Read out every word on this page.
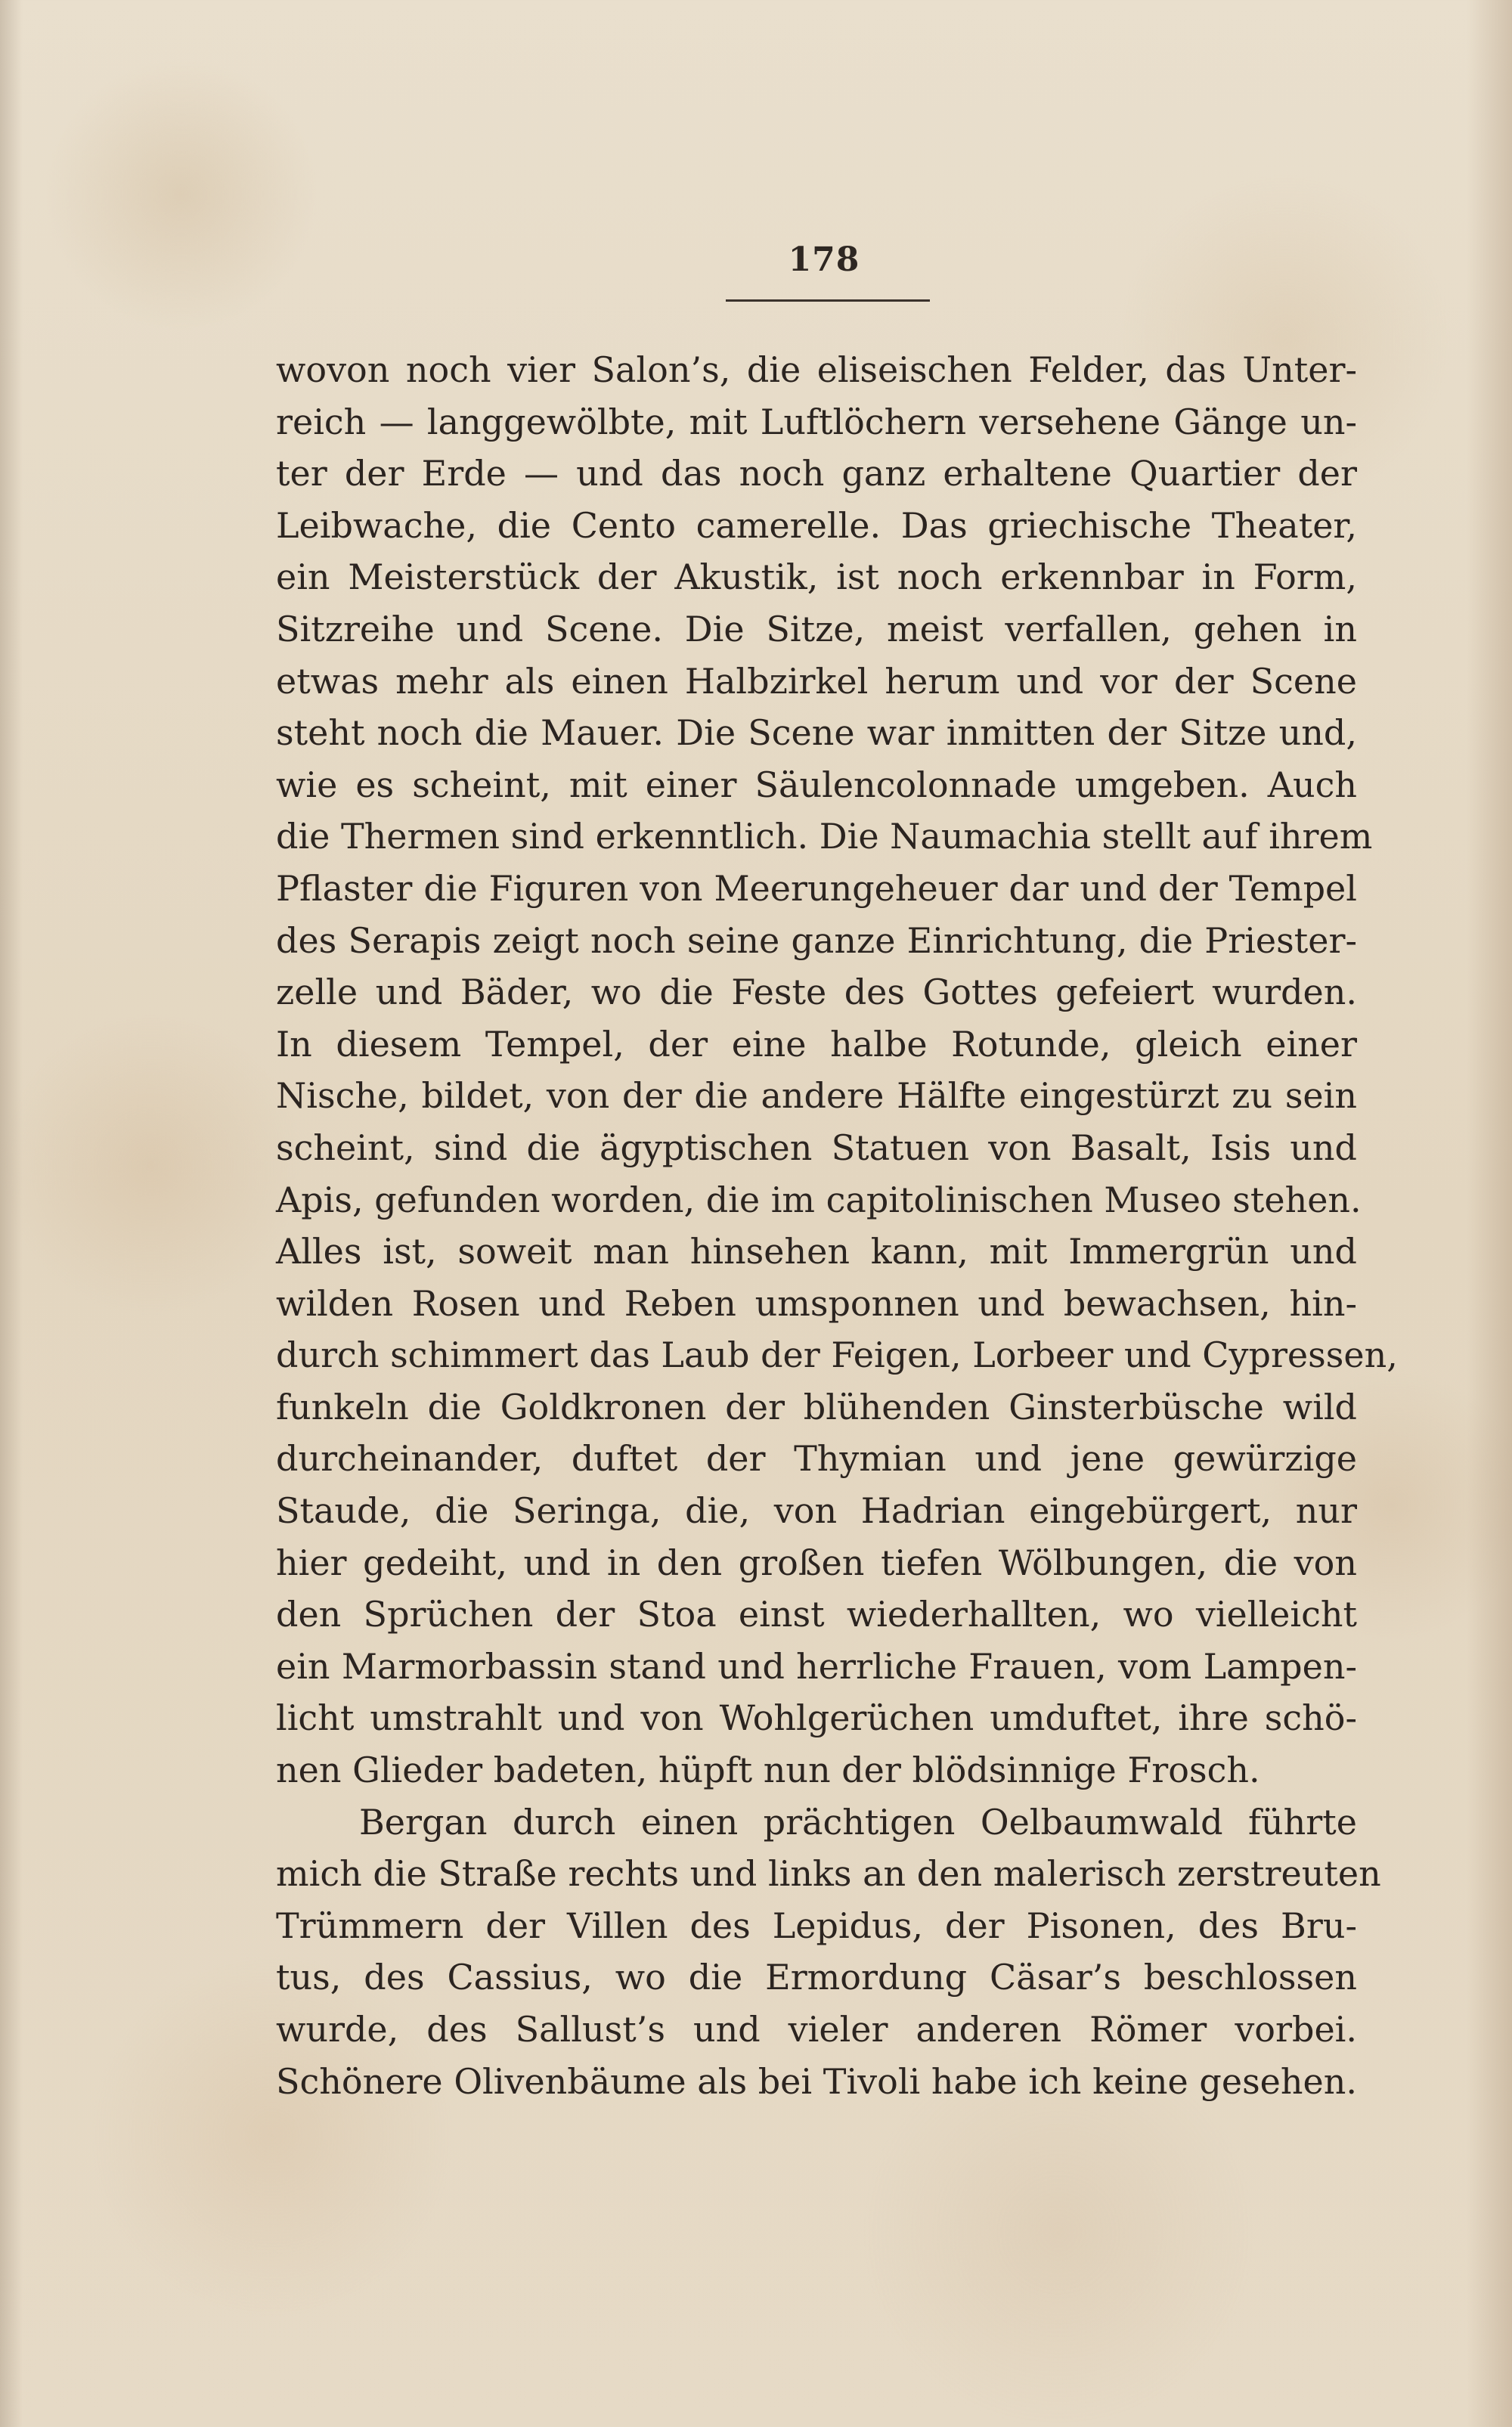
178
wovon noch vier Salon’s, die eliseischen Felder, das Unter-
reich — langgewölbte, mit Luftlöchern versehene Gänge un-
ter der Erde — und das noch ganz erhaltene Quartier der
Leibwache, die Cento camerelle. Das griechische Theater,
ein Meisterstück der Akustik, ist noch erkennbar in Form,
Sitzreihe und Scene. Die Sitze, meist verfallen, gehen in
etwas mehr als einen Halbzirkel herum und vor der Scene
steht noch die Mauer. Die Scene war inmitten der Sitze und,
wie es scheint, mit einer Säulencolonnade umgeben. Auch
die Thermen sind erkenntlich. Die Naumachia stellt auf ihrem
Pflaster die Figuren von Meerungeheuer dar und der Tempel
des Serapis zeigt noch seine ganze Einrichtung, die Priester-
zelle und Bäder, wo die Feste des Gottes gefeiert wurden.
In diesem Tempel, der eine halbe Rotunde, gleich einer
Nische, bildet, von der die andere Hälfte eingestürzt zu sein
scheint, sind die ägyptischen Statuen von Basalt, Isis und
Apis, gefunden worden, die im capitolinischen Museo stehen.
Alles ist, soweit man hinsehen kann, mit Immergrün und
wilden Rosen und Reben umsponnen und bewachsen, hin-
durch schimmert das Laub der Feigen, Lorbeer und Cypressen,
funkeln die Goldkronen der blühenden Ginsterbüsche wild
durcheinander, duftet der Thymian und jene gewürzige
Staude, die Seringa, die, von Hadrian eingebürgert, nur
hier gedeiht, und in den großen tiefen Wölbungen, die von
den Sprüchen der Stoa einst wiederhallten, wo vielleicht
ein Marmorbassin stand und herrliche Frauen, vom Lampen-
licht umstrahlt und von Wohlgerüchen umduftet, ihre schö-
nen Glieder badeten, hüpft nun der blödsinnige Frosch.
Bergan durch einen prächtigen Oelbaumwald führte
mich die Straße rechts und links an den malerisch zerstreuten
Trümmern der Villen des Lepidus, der Pisonen, des Bru-
tus, des Cassius, wo die Ermordung Cäsar’s beschlossen
wurde, des Sallust’s und vieler anderen Römer vorbei.
Schönere Olivenbäume als bei Tivoli habe ich keine gesehen.
